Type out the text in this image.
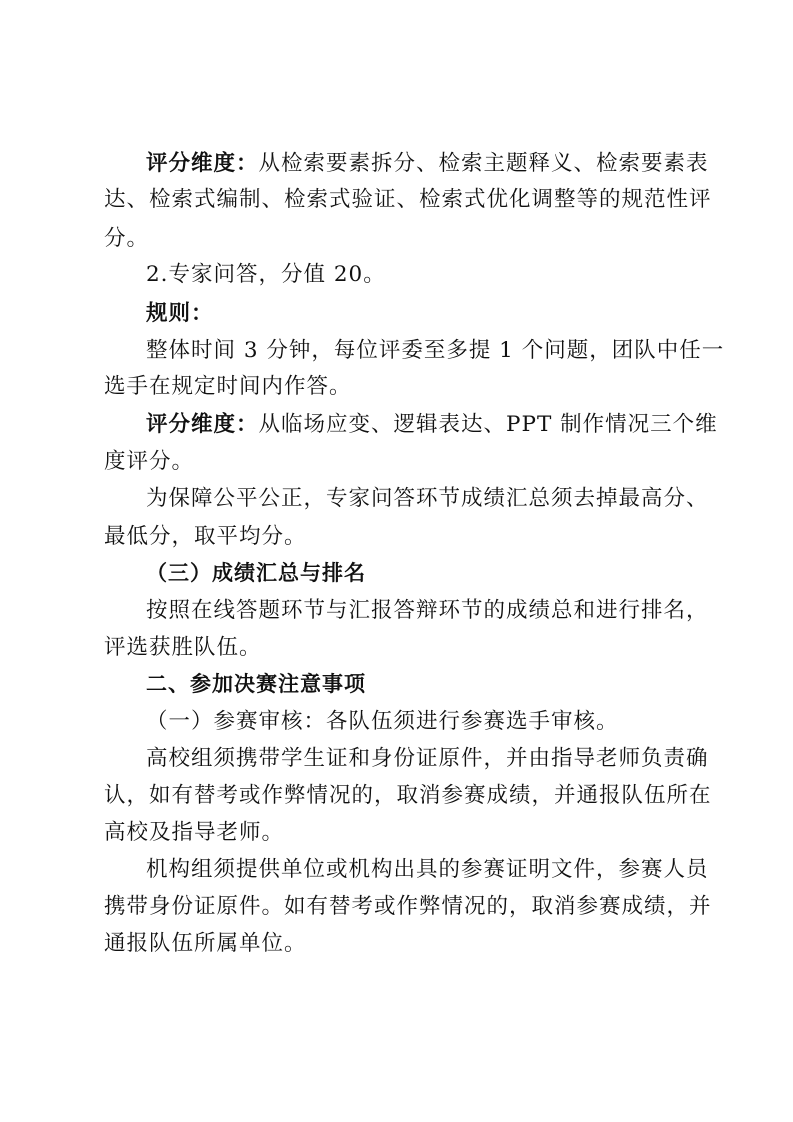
评分维度：从检索要素拆分、检索主题释义、检索要素表
达、检索式编制、检索式验证、检索式优化调整等的规范性评
分。
2.专家问答，分值 20。
规则：
整体时间 3 分钟，每位评委至多提 1 个问题，团队中任一
选手在规定时间内作答。
评分维度：从临场应变、逻辑表达、PPT 制作情况三个维
度评分。
为保障公平公正，专家问答环节成绩汇总须去掉最高分、
最低分，取平均分。
（三）成绩汇总与排名
按照在线答题环节与汇报答辩环节的成绩总和进行排名，
评选获胜队伍。
二、参加决赛注意事项
（一）参赛审核：各队伍须进行参赛选手审核。
高校组须携带学生证和身份证原件，并由指导老师负责确
认，如有替考或作弊情况的，取消参赛成绩，并通报队伍所在
高校及指导老师。
机构组须提供单位或机构出具的参赛证明文件，参赛人员
携带身份证原件。如有替考或作弊情况的，取消参赛成绩，并
通报队伍所属单位。
